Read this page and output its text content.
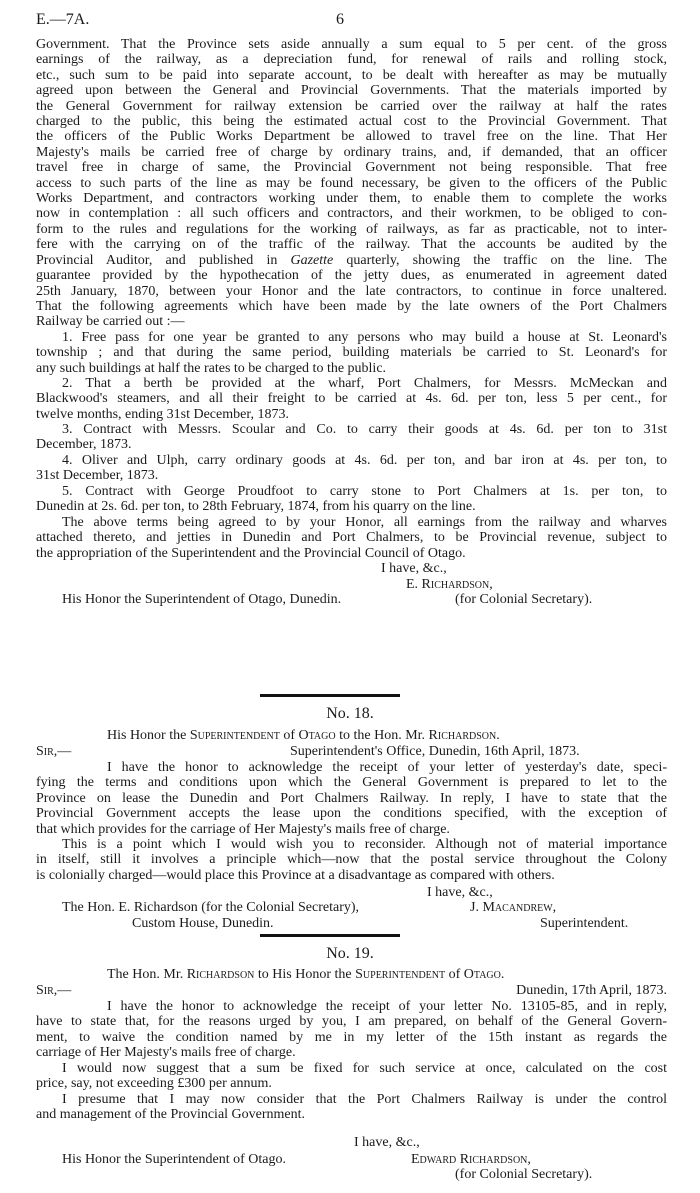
E.—7A.	6
Government. That the Province sets aside annually a sum equal to 5 per cent. of the gross
earnings of the railway, as a depreciation fund, for renewal of rails and rolling stock,
etc., such sum to be paid into separate account, to be dealt with hereafter as may be mutually
agreed upon between the General and Provincial Governments. That the materials imported by
the General Government for railway extension be carried over the railway at half the rates
charged to the public, this being the estimated actual cost to the Provincial Government. That
the officers of the Public Works Department be allowed to travel free on the line. That Her
Majesty's mails be carried free of charge by ordinary trains, and, if demanded, that an officer
travel free in charge of same, the Provincial Government not being responsible. That free
access to such parts of the line as may be found necessary, be given to the officers of the Public
Works Department, and contractors working under them, to enable them to complete the works
now in contemplation : all such officers and contractors, and their workmen, to be obliged to con-
form to the rules and regulations for the working of railways, as far as practicable, not to inter-
fere with the carrying on of the traffic of the railway. That the accounts be audited by the
Provincial Auditor, and published in Gazette quarterly, showing the traffic on the line. The
guarantee provided by the hypothecation of the jetty dues, as enumerated in agreement dated
25th January, 1870, between your Honor and the late contractors, to continue in force unaltered.
That the following agreements which have been made by the late owners of the Port Chalmers
Railway be carried out :—
1. Free pass for one year be granted to any persons who may build a house at St. Leonard's
township ; and that during the same period, building materials be carried to St. Leonard's for
any such buildings at half the rates to be charged to the public.
2. That a berth be provided at the wharf, Port Chalmers, for Messrs. McMeckan and
Blackwood's steamers, and all their freight to be carried at 4s. 6d. per ton, less 5 per cent., for
twelve months, ending 31st December, 1873.
3. Contract with Messrs. Scoular and Co. to carry their goods at 4s. 6d. per ton to 31st
December, 1873.
4. Oliver and Ulph, carry ordinary goods at 4s. 6d. per ton, and bar iron at 4s. per ton, to
31st December, 1873.
5. Contract with George Proudfoot to carry stone to Port Chalmers at 1s. per ton, to
Dunedin at 2s. 6d. per ton, to 28th February, 1874, from his quarry on the line.
The above terms being agreed to by your Honor, all earnings from the railway and wharves
attached thereto, and jetties in Dunedin and Port Chalmers, to be Provincial revenue, subject to
the appropriation of the Superintendent and the Provincial Council of Otago.
I have, &c.,
E. Richardson,
His Honor the Superintendent of Otago, Dunedin.	(for Colonial Secretary).
No. 18.
His Honor the Superintendent of Otago to the Hon. Mr. Richardson.
Sir,—	Superintendent's Office, Dunedin, 16th April, 1873.
I have the honor to acknowledge the receipt of your letter of yesterday's date, speci-
fying the terms and conditions upon which the General Government is prepared to let to the
Province on lease the Dunedin and Port Chalmers Railway. In reply, I have to state that the
Provincial Government accepts the lease upon the conditions specified, with the exception of
that which provides for the carriage of Her Majesty's mails free of charge.
This is a point which I would wish you to reconsider. Although not of material importance
in itself, still it involves a principle which—now that the postal service throughout the Colony
is colonially charged—would place this Province at a disadvantage as compared with others.
I have, &c.,
The Hon. E. Richardson (for the Colonial Secretary),	J. Macandrew,
Custom House, Dunedin.	Superintendent.
No. 19.
The Hon. Mr. Richardson to His Honor the Superintendent of Otago.
Sir,—	Dunedin, 17th April, 1873.
I have the honor to acknowledge the receipt of your letter No. 13105-85, and in reply,
have to state that, for the reasons urged by you, I am prepared, on behalf of the General Govern-
ment, to waive the condition named by me in my letter of the 15th instant as regards the
carriage of Her Majesty's mails free of charge.
I would now suggest that a sum be fixed for such service at once, calculated on the cost
price, say, not exceeding £300 per annum.
I presume that I may now consider that the Port Chalmers Railway is under the control
and management of the Provincial Government.
I have, &c.,
His Honor the Superintendent of Otago.	Edward Richardson,
(for Colonial Secretary).
